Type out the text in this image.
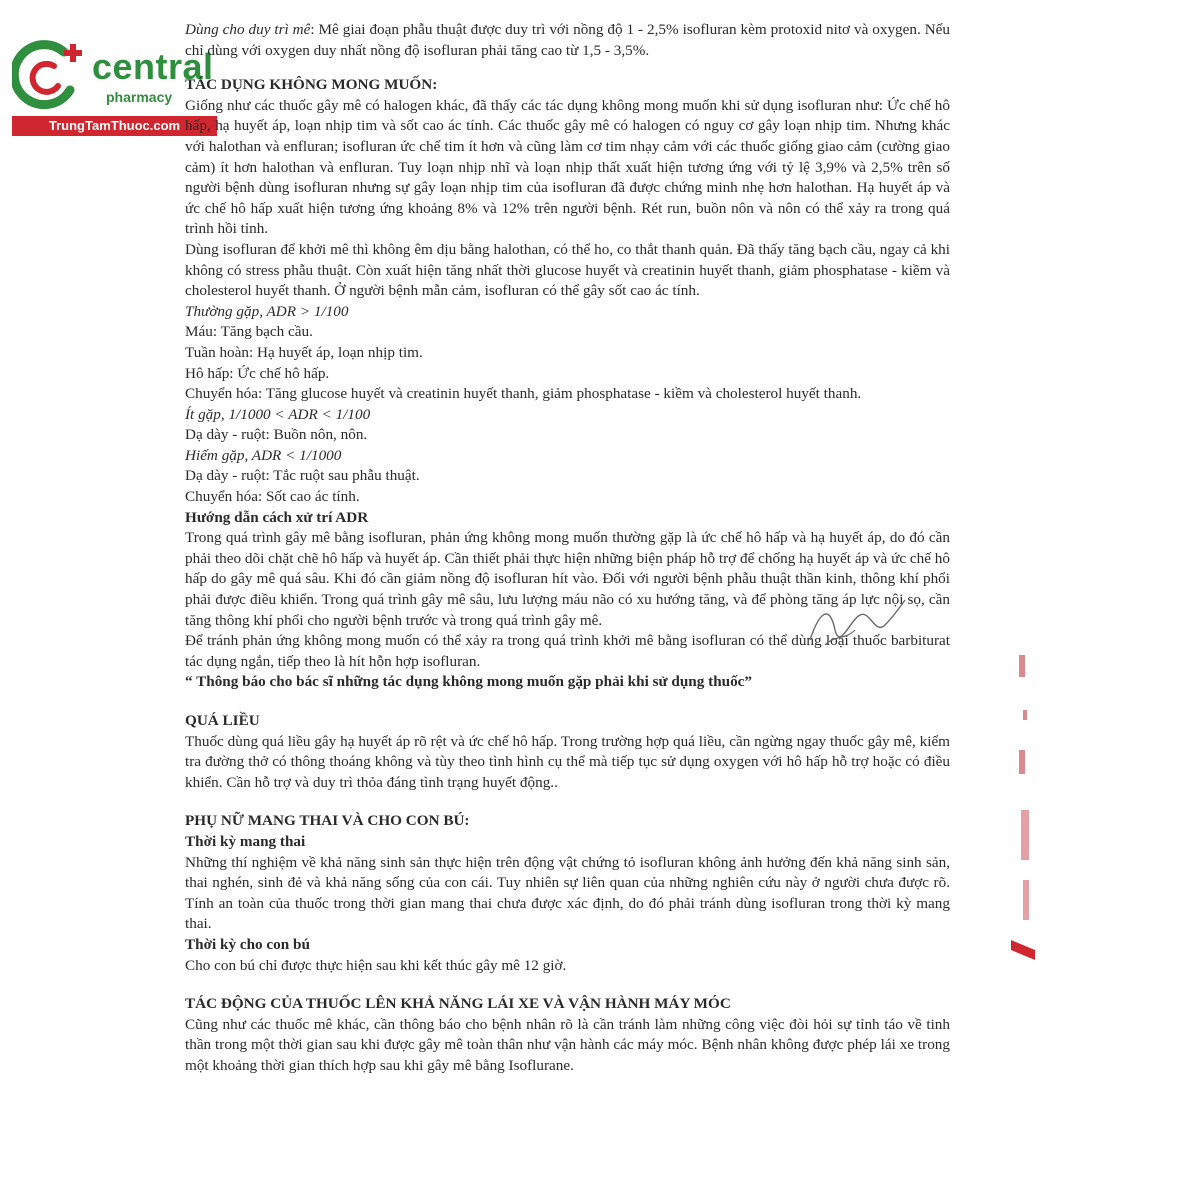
central
pharmacy
TrungTamThuoc.com

Dùng cho duy trì mê: Mê giai đoạn phẫu thuật được duy trì với nồng độ 1 - 2,5% isofluran kèm protoxid nitơ và oxygen. Nếu chỉ dùng với oxygen duy nhất nồng độ isofluran phải tăng cao từ 1,5 - 3,5%.

TÁC DỤNG KHÔNG MONG MUỐN:

Giống như các thuốc gây mê có halogen khác, đã thấy các tác dụng không mong muốn khi sử dụng isofluran như: Ức chế hô hấp, hạ huyết áp, loạn nhịp tim và sốt cao ác tính. Các thuốc gây mê có halogen có nguy cơ gây loạn nhịp tim. Nhưng khác với halothan và enfluran; isofluran ức chế tim ít hơn và cũng làm cơ tim nhạy cảm với các thuốc giống giao cảm (cường giao cảm) ít hơn halothan và enfluran. Tuy loạn nhịp nhĩ và loạn nhịp thất xuất hiện tương ứng với tỷ lệ 3,9% và 2,5% trên số người bệnh dùng isofluran nhưng sự gây loạn nhịp tim của isofluran đã được chứng minh nhẹ hơn halothan. Hạ huyết áp và ức chế hô hấp xuất hiện tương ứng khoảng 8% và 12% trên người bệnh. Rét run, buồn nôn và nôn có thể xảy ra trong quá trình hồi tỉnh.

Dùng isofluran để khởi mê thì không êm dịu bằng halothan, có thể ho, co thắt thanh quản. Đã thấy tăng bạch cầu, ngay cả khi không có stress phẫu thuật. Còn xuất hiện tăng nhất thời glucose huyết và creatinin huyết thanh, giảm phosphatase - kiềm và cholesterol huyết thanh. Ở người bệnh mẫn cảm, isofluran có thể gây sốt cao ác tính.

Thường gặp, ADR > 1/100

Máu: Tăng bạch cầu.

Tuần hoàn: Hạ huyết áp, loạn nhịp tim.

Hô hấp: Ức chế hô hấp.

Chuyển hóa: Tăng glucose huyết và creatinin huyết thanh, giảm phosphatase - kiềm và cholesterol huyết thanh.

Ít gặp, 1/1000 < ADR < 1/100

Dạ dày - ruột: Buồn nôn, nôn.

Hiếm gặp, ADR < 1/1000

Dạ dày - ruột: Tắc ruột sau phẫu thuật.

Chuyển hóa: Sốt cao ác tính.

Hướng dẫn cách xử trí ADR

Trong quá trình gây mê bằng isofluran, phản ứng không mong muốn thường gặp là ức chế hô hấp và hạ huyết áp, do đó cần phải theo dõi chặt chẽ hô hấp và huyết áp. Cần thiết phải thực hiện những biện pháp hỗ trợ để chống hạ huyết áp và ức chế hô hấp do gây mê quá sâu. Khi đó cần giảm nồng độ isofluran hít vào. Đối với người bệnh phẫu thuật thần kinh, thông khí phổi phải được điều khiển. Trong quá trình gây mê sâu, lưu lượng máu não có xu hướng tăng, và để phòng tăng áp lực nội sọ, cần tăng thông khí phổi cho người bệnh trước và trong quá trình gây mê.

Để tránh phản ứng không mong muốn có thể xảy ra trong quá trình khởi mê bằng isofluran có thể dùng loại thuốc barbiturat tác dụng ngắn, tiếp theo là hít hỗn hợp isofluran.

“ Thông báo cho bác sĩ những tác dụng không mong muốn gặp phải khi sử dụng thuốc”

QUÁ LIỀU

Thuốc dùng quá liều gây hạ huyết áp rõ rệt và ức chế hô hấp. Trong trường hợp quá liều, cần ngừng ngay thuốc gây mê, kiểm tra đường thở có thông thoáng không và tùy theo tình hình cụ thể mà tiếp tục sử dụng oxygen với hô hấp hỗ trợ hoặc có điều khiển. Cần hỗ trợ và duy trì thỏa đáng tình trạng huyết động..

PHỤ NỮ MANG THAI VÀ CHO CON BÚ:

Thời kỳ mang thai

Những thí nghiệm về khả năng sinh sản thực hiện trên động vật chứng tỏ isofluran không ảnh hưởng đến khả năng sinh sản, thai nghén, sinh đẻ và khả năng sống của con cái. Tuy nhiên sự liên quan của những nghiên cứu này ở người chưa được rõ. Tính an toàn của thuốc trong thời gian mang thai chưa được xác định, do đó phải tránh dùng isofluran trong thời kỳ mang thai.

Thời kỳ cho con bú

Cho con bú chỉ được thực hiện sau khi kết thúc gây mê 12 giờ.

TÁC ĐỘNG CỦA THUỐC LÊN KHẢ NĂNG LÁI XE VÀ VẬN HÀNH MÁY MÓC

Cũng như các thuốc mê khác, cần thông báo cho bệnh nhân rõ là cần tránh làm những công việc đòi hỏi sự tỉnh táo về tinh thần trong một thời gian sau khi được gây mê toàn thân như vận hành các máy móc. Bệnh nhân không được phép lái xe trong một khoảng thời gian thích hợp sau khi gây mê bằng Isoflurane.
